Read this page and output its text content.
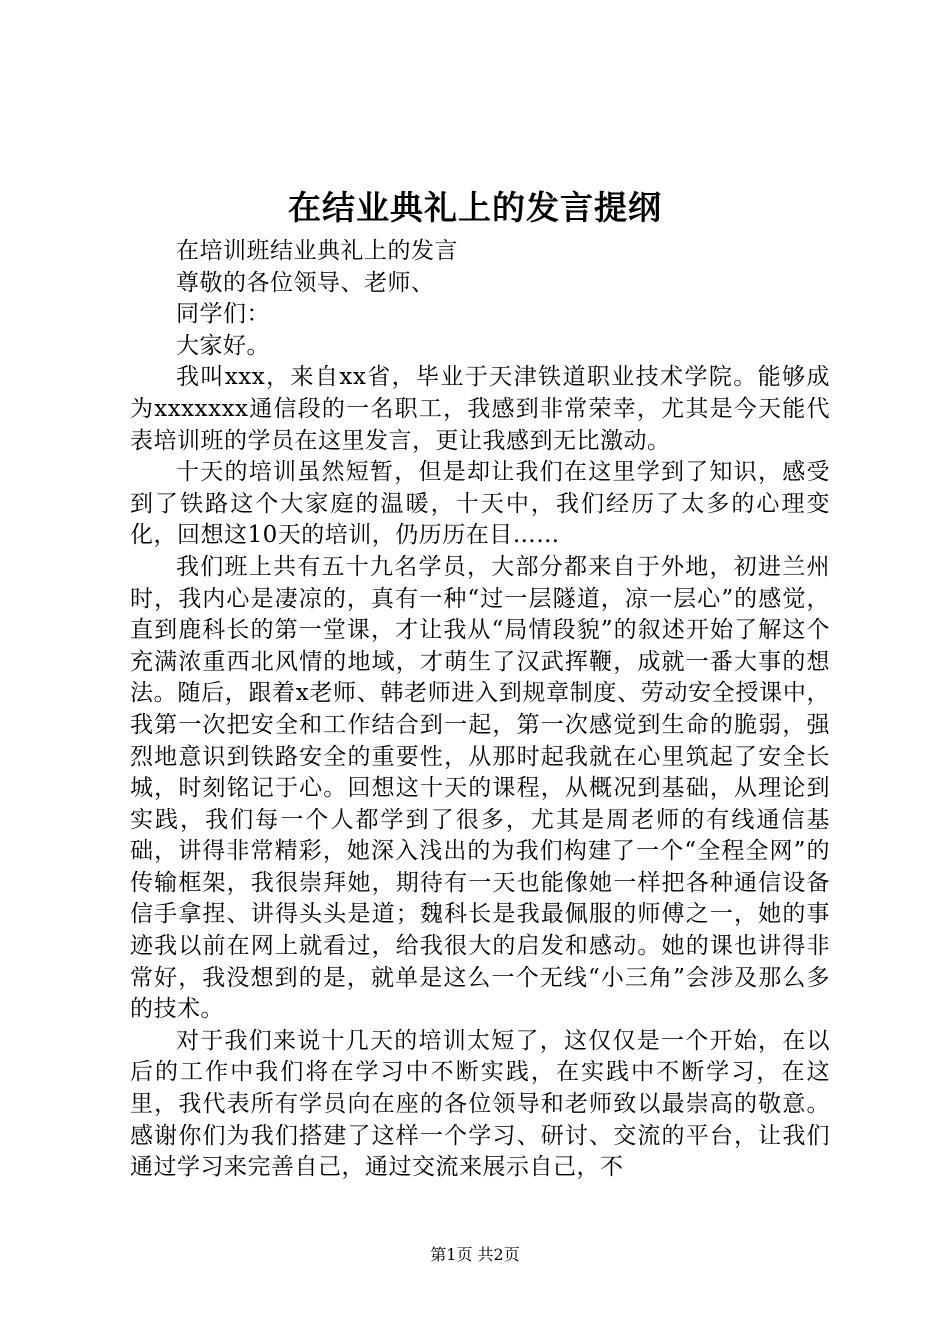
在结业典礼上的发言提纲

在培训班结业典礼上的发言

尊敬的各位领导、老师、

同学们：

大家好。

我叫xxx，来自xx省，毕业于天津铁道职业技术学院。能够成为xxxxxxx通信段的一名职工，我感到非常荣幸，尤其是今天能代表培训班的学员在这里发言，更让我感到无比激动。

十天的培训虽然短暂，但是却让我们在这里学到了知识，感受到了铁路这个大家庭的温暖，十天中，我们经历了太多的心理变化，回想这10天的培训，仍历历在目……

我们班上共有五十九名学员，大部分都来自于外地，初进兰州时，我内心是凄凉的，真有一种“过一层隧道，凉一层心”的感觉，直到鹿科长的第一堂课，才让我从“局情段貌”的叙述开始了解这个充满浓重西北风情的地域，才萌生了汉武挥鞭，成就一番大事的想法。随后，跟着x老师、韩老师进入到规章制度、劳动安全授课中，我第一次把安全和工作结合到一起，第一次感觉到生命的脆弱，强烈地意识到铁路安全的重要性，从那时起我就在心里筑起了安全长城，时刻铭记于心。回想这十天的课程，从概况到基础，从理论到实践，我们每一个人都学到了很多，尤其是周老师的有线通信基础，讲得非常精彩，她深入浅出的为我们构建了一个“全程全网”的传输框架，我很崇拜她，期待有一天也能像她一样把各种通信设备信手拿捏、讲得头头是道；魏科长是我最佩服的师傅之一，她的事迹我以前在网上就看过，给我很大的启发和感动。她的课也讲得非常好，我没想到的是，就单是这么一个无线“小三角”会涉及那么多的技术。

对于我们来说十几天的培训太短了，这仅仅是一个开始，在以后的工作中我们将在学习中不断实践，在实践中不断学习，在这里，我代表所有学员向在座的各位领导和老师致以最崇高的敬意。感谢你们为我们搭建了这样一个学习、研讨、交流的平台，让我们通过学习来完善自己，通过交流来展示自己，不

第1页 共2页
